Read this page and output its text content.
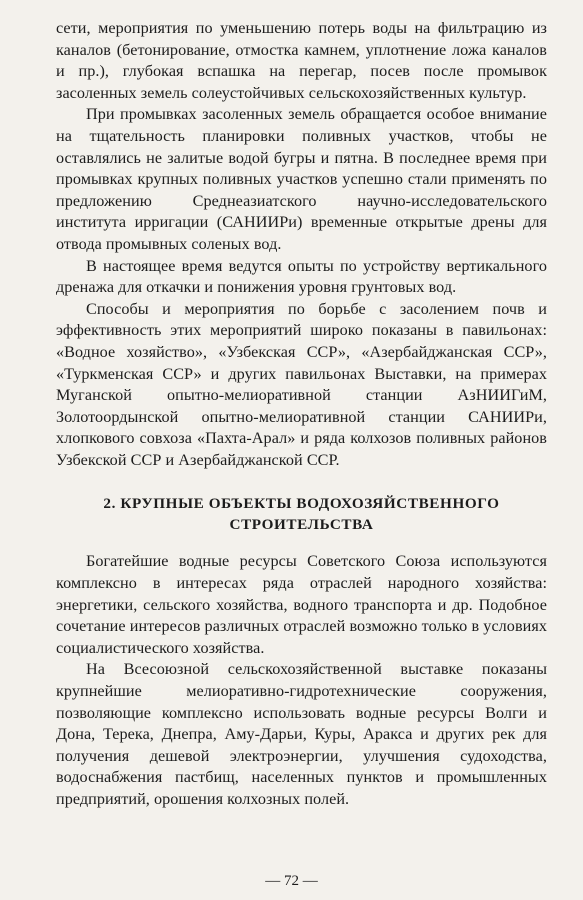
сети, мероприятия по уменьшению потерь воды на фильтрацию из каналов (бетонирование, отмостка камнем, уплотнение ложа каналов и пр.), глубокая вспашка на перегар, посев после промывок засоленных земель солеустойчивых сельскохозяйственных культур.

При промывках засоленных земель обращается особое внимание на тщательность планировки поливных участков, чтобы не оставлялись не залитые водой бугры и пятна. В последнее время при промывках крупных поливных участков успешно стали применять по предложению Среднеазиатского научно-исследовательского института ирригации (САНИИРи) временные открытые дрены для отвода промывных соленых вод.

В настоящее время ведутся опыты по устройству вертикального дренажа для откачки и понижения уровня грунтовых вод.

Способы и мероприятия по борьбе с засолением почв и эффективность этих мероприятий широко показаны в павильонах: «Водное хозяйство», «Узбекская ССР», «Азербайджанская ССР», «Туркменская ССР» и других павильонах Выставки, на примерах Муганской опытно-мелиоративной станции АзНИИГиМ, Золотоордынской опытно-мелиоративной станции САНИИРи, хлопкового совхоза «Пахта-Арал» и ряда колхозов поливных районов Узбекской ССР и Азербайджанской ССР.

2. КРУПНЫЕ ОБЪЕКТЫ ВОДОХОЗЯЙСТВЕННОГО
СТРОИТЕЛЬСТВА

Богатейшие водные ресурсы Советского Союза используются комплексно в интересах ряда отраслей народного хозяйства: энергетики, сельского хозяйства, водного транспорта и др. Подобное сочетание интересов различных отраслей возможно только в условиях социалистического хозяйства.

На Всесоюзной сельскохозяйственной выставке показаны крупнейшие мелиоративно-гидротехнические сооружения, позволяющие комплексно использовать водные ресурсы Волги и Дона, Терека, Днепра, Аму-Дарьи, Куры, Аракса и других рек для получения дешевой электроэнергии, улучшения судоходства, водоснабжения пастбищ, населенных пунктов и промышленных предприятий, орошения колхозных полей.

— 72 —
